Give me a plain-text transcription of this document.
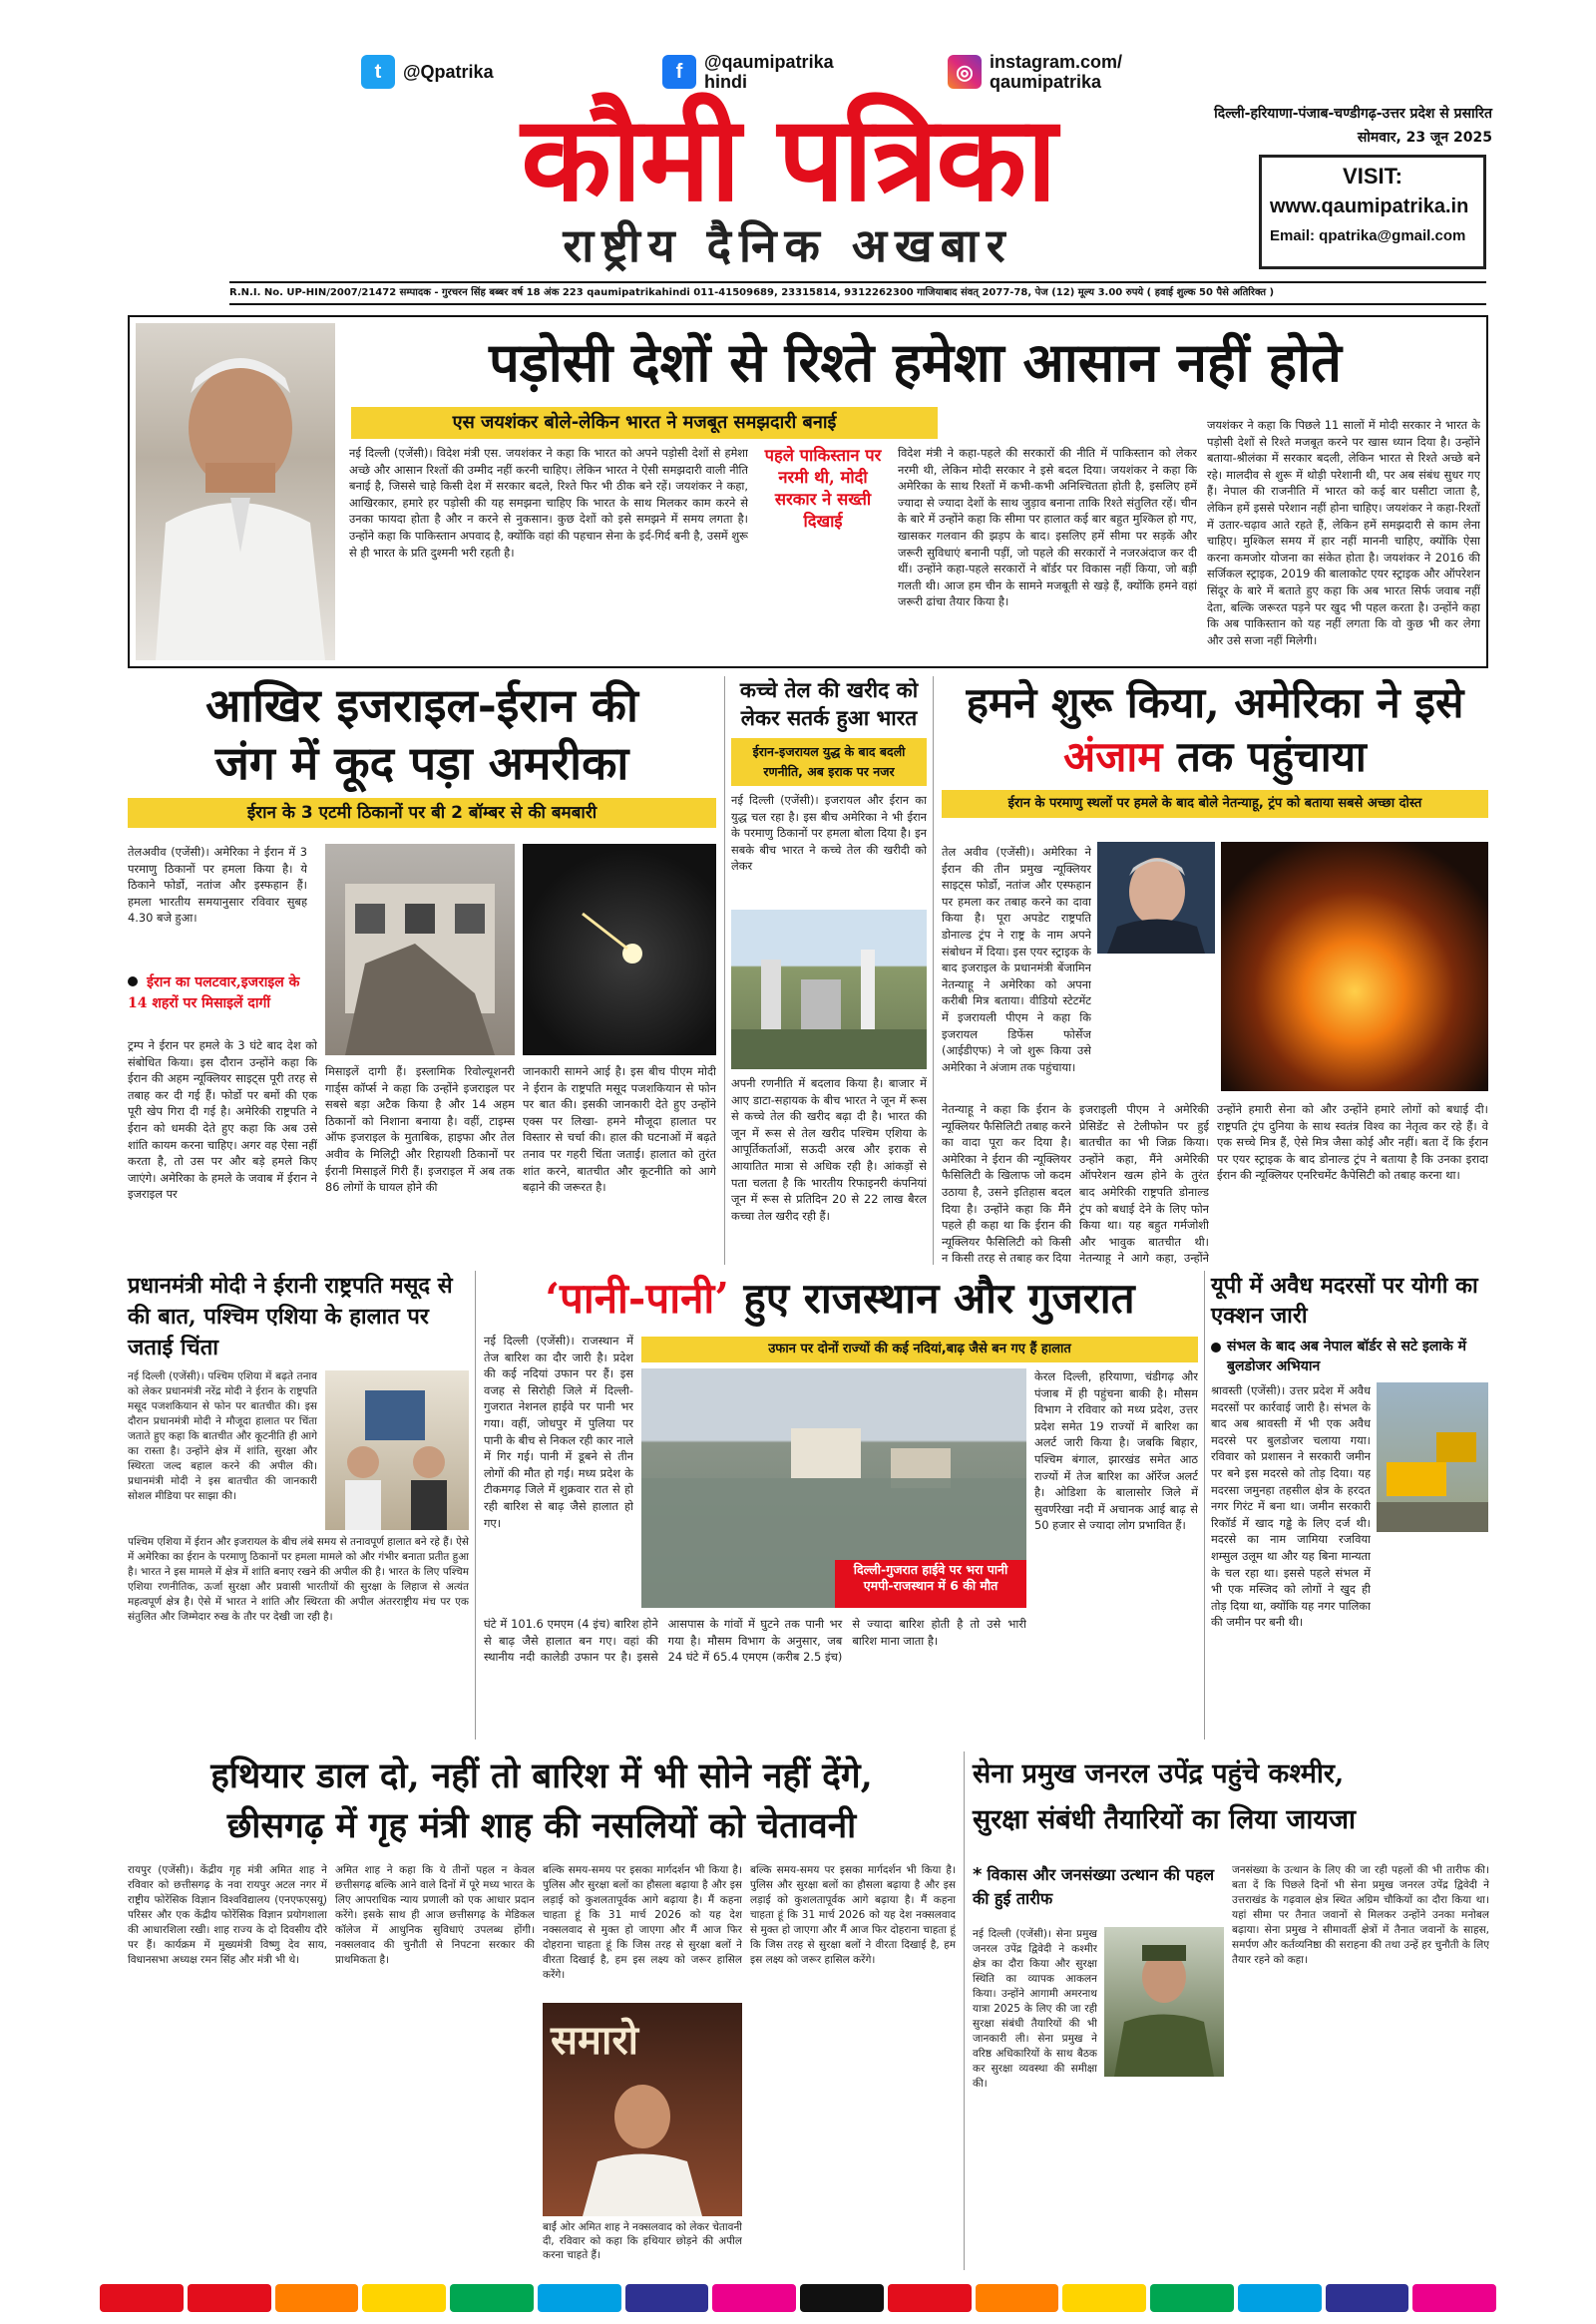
t	@Qpatrika	f	@qaumipatrika
hindi	◎ instagram.com/
qaumipatrika
कौमी पत्रिका
राष्ट्रीय दैनिक अखबार
दिल्ली-हरियाणा-पंजाब-चण्डीगढ़-उत्तर प्रदेश से प्रसारित
सोमवार, 23 जून 2025
VISIT:
www.qaumipatrika.in
Email: qpatrika@gmail.com
R.N.I. No. UP-HIN/2007/21472 सम्पादक - गुरचरन सिंह बब्बर वर्ष 18 अंक 223 qaumipatrikahindi 011-41509689, 23315814, 9312262300 गाजियाबाद संवत् 2077-78, पेज (12) मूल्य 3.00 रुपये ( हवाई शुल्क 50 पैसे अतिरिक्त )
पड़ोसी देशों से रिश्ते हमेशा आसान नहीं होते
एस जयशंकर बोले-लेकिन भारत ने मजबूत समझदारी बनाई
नई दिल्ली (एजेंसी)। विदेश मंत्री एस. जयशंकर ने कहा कि भारत को अपने पड़ोसी देशों से हमेशा अच्छे और आसान रिश्तों की उम्मीद नहीं करनी चाहिए। लेकिन भारत ने ऐसी समझदारी वाली नीति बनाई है, जिससे चाहे किसी देश में सरकार बदले, रिश्ते फिर भी ठीक बने रहें। जयशंकर ने कहा, आखिरकार, हमारे हर पड़ोसी की यह समझना चाहिए कि भारत के साथ मिलकर काम करने से उनका फायदा होता है और न करने से नुकसान। कुछ देशों को इसे समझने में समय लगता है। उन्होंने कहा कि पाकिस्तान अपवाद है, क्योंकि वहां की पहचान सेना के इर्द-गिर्द बनी है, उसमें शुरू से ही भारत के प्रति दुश्मनी भरी रहती है।
पहले पाकिस्तान पर नरमी थी, मोदी सरकार ने सख्ती दिखाई
विदेश मंत्री ने कहा-पहले की सरकारों की नीति में पाकिस्तान को लेकर नरमी थी, लेकिन मोदी सरकार ने इसे बदल दिया। जयशंकर ने कहा कि अमेरिका के साथ रिश्तों में कभी-कभी अनिश्चितता होती है, इसलिए हमें ज्यादा से ज्यादा देशों के साथ जुड़ाव बनाना ताकि रिश्ते संतुलित रहें। चीन के बारे में उन्होंने कहा कि सीमा पर हालात कई बार बहुत मुश्किल हो गए, खासकर गलवान की झड़प के बाद। इसलिए हमें सीमा पर सड़कें और जरूरी सुविधाएं बनानी पड़ीं, जो पहले की सरकारों ने नजरअंदाज कर दी थीं। उन्होंने कहा-पहले सरकारों ने बॉर्डर पर विकास नहीं किया, जो बड़ी गलती थी। आज हम चीन के सामने मजबूती से खड़े हैं, क्योंकि हमने वहां जरूरी ढांचा तैयार किया है।
जयशंकर ने कहा कि पिछले 11 सालों में मोदी सरकार ने भारत के पड़ोसी देशों से रिश्ते मजबूत करने पर खास ध्यान दिया है। उन्होंने बताया-श्रीलंका में सरकार बदली, लेकिन भारत से रिश्ते अच्छे बने रहे। मालदीव से शुरू में थोड़ी परेशानी थी, पर अब संबंध सुधर गए हैं। नेपाल की राजनीति में भारत को कई बार घसीटा जाता है, लेकिन हमें इससे परेशान नहीं होना चाहिए। जयशंकर ने कहा-रिश्तों में उतार-चढ़ाव आते रहते हैं, लेकिन हमें समझदारी से काम लेना चाहिए। मुश्किल समय में हार नहीं माननी चाहिए, क्योंकि ऐसा करना कमजोर योजना का संकेत होता है। जयशंकर ने 2016 की सर्जिकल स्ट्राइक, 2019 की बालाकोट एयर स्ट्राइक और ऑपरेशन सिंदूर के बारे में बताते हुए कहा कि अब भारत सिर्फ जवाब नहीं देता, बल्कि जरूरत पड़ने पर खुद भी पहल करता है। उन्होंने कहा कि अब पाकिस्तान को यह नहीं लगता कि वो कुछ भी कर लेगा और उसे सजा नहीं मिलेगी।
आखिर इजराइल-ईरान की
जंग में कूद पड़ा अमरीका
ईरान के 3 एटमी ठिकानों पर बी 2 बॉम्बर से की बमबारी
तेलअवीव (एजेंसी)। अमेरिका ने ईरान में 3 परमाणु ठिकानों पर हमला किया है। ये ठिकाने फोर्डो, नतांज और इस्फहान हैं। हमला भारतीय समयानुसार रविवार सुबह 4.30 बजे हुआ।
ईरान का पलटवार,इजराइल के 14 शहरों पर मिसाइलें दागीं
ट्रम्प ने ईरान पर हमले के 3 घंटे बाद देश को संबोधित किया। इस दौरान उन्होंने कहा कि ईरान की अहम न्यूक्लियर साइट्स पूरी तरह से तबाह कर दी गई हैं। फोर्डो पर बमों की एक पूरी खेप गिरा दी गई है। अमेरिकी राष्ट्रपति ने ईरान को धमकी देते हुए कहा कि अब उसे शांति कायम करना चाहिए। अगर वह ऐसा नहीं करता है, तो उस पर और बड़े हमले किए जाएंगे। अमेरिका के हमले के जवाब में ईरान ने इजराइल पर
मिसाइलें दागी हैं। इस्लामिक रिवोल्यूशनरी गार्ड्स कॉर्प्स ने कहा कि उन्होंने इजराइल पर सबसे बड़ा अटैक किया है और 14 अहम ठिकानों को निशाना बनाया है। वहीं, टाइम्स ऑफ इजराइल के मुताबिक, हाइफा और तेल अवीव के मिलिट्री और रिहायशी ठिकानों पर ईरानी मिसाइलें गिरी हैं। इजराइल में अब तक 86 लोगों के घायल होने की
जानकारी सामने आई है। इस बीच पीएम मोदी ने ईरान के राष्ट्रपति मसूद पजशकियान से फोन पर बात की। इसकी जानकारी देते हुए उन्होंने एक्स पर लिखा- हमने मौजूदा हालात पर विस्तार से चर्चा की। हाल की घटनाओं में बढ़ते तनाव पर गहरी चिंता जताई। हालात को तुरंत शांत करने, बातचीत और कूटनीति को आगे बढ़ाने की जरूरत है।
कच्चे तेल की खरीद को लेकर सतर्क हुआ भारत
ईरान-इजरायल युद्ध के बाद बदली रणनीति, अब इराक पर नजर
नई दिल्ली (एजेंसी)। इजरायल और ईरान का युद्ध चल रहा है। इस बीच अमेरिका ने भी ईरान के परमाणु ठिकानों पर हमला बोला दिया है। इन सबके बीच भारत ने कच्चे तेल की खरीदी को लेकर
अपनी रणनीति में बदलाव किया है। बाजार में आए डाटा-सहायक के बीच भारत ने जून में रूस से कच्चे तेल की खरीद बढ़ा दी है। भारत की जून में रूस से तेल खरीद पश्चिम एशिया के आपूर्तिकर्ताओं, सऊदी अरब और इराक से आयातित मात्रा से अधिक रही है। आंकड़ों से पता चलता है कि भारतीय रिफाइनरी कंपनियां जून में रूस से प्रतिदिन 20 से 22 लाख बैरल कच्चा तेल खरीद रही हैं।
हमने शुरू किया, अमेरिका ने इसे अंजाम तक पहुंचाया
ईरान के परमाणु स्थलों पर हमले के बाद बोले नेतन्याहू, ट्रंप को बताया सबसे अच्छा दोस्त
तेल अवीव (एजेंसी)। अमेरिका ने ईरान की तीन प्रमुख न्यूक्लियर साइट्स फोर्डो, नतांज और एस्फहान पर हमला कर तबाह करने का दावा किया है। पूरा अपडेट राष्ट्रपति डोनाल्ड ट्रंप ने राष्ट्र के नाम अपने संबोधन में दिया। इस एयर स्ट्राइक के बाद इजराइल के प्रधानमंत्री बेंजामिन नेतन्याहू ने अमेरिका को अपना करीबी मित्र बताया। वीडियो स्टेटमेंट में इजरायली पीएम ने कहा कि इजरायल डिफेंस फोर्सेज (आईडीएफ) ने जो शुरू किया उसे अमेरिका ने अंजाम तक पहुंचाया।
नेतन्याहू ने कहा कि ईरान के न्यूक्लियर फैसिलिटी तबाह करने का वादा पूरा कर दिया है। अमेरिका ने ईरान की न्यूक्लियर फैसिलिटी के खिलाफ जो कदम उठाया है, उसने इतिहास बदल दिया है। उन्होंने कहा कि मैंने पहले ही कहा था कि ईरान की न्यूक्लियर फैसिलिटी को किसी न किसी तरह से तबाह कर दिया
इजराइली पीएम ने अमेरिकी प्रेसिडेंट से टेलीफोन पर हुई बातचीत का भी जिक्र किया। उन्होंने कहा, मैंने अमेरिकी ऑपरेशन खत्म होने के तुरंत बाद अमेरिकी राष्ट्रपति डोनाल्ड ट्रंप को बधाई देने के लिए फोन किया था। यह बहुत गर्मजोशी और भावुक बातचीत थी। नेतन्याहू ने आगे कहा, उन्होंने
उन्होंने हमारी सेना को और उन्होंने हमारे लोगों को बधाई दी। राष्ट्रपति ट्रंप दुनिया के साथ स्वतंत्र विश्व का नेतृत्व कर रहे हैं। वे एक सच्चे मित्र हैं, ऐसे मित्र जैसा कोई और नहीं। बता दें कि ईरान पर एयर स्ट्राइक के बाद डोनाल्ड ट्रंप ने बताया है कि उनका इरादा ईरान की न्यूक्लियर एनरिचमेंट कैपेसिटी को तबाह करना था।
प्रधानमंत्री मोदी ने ईरानी राष्ट्रपति मसूद से की बात, पश्चिम एशिया के हालात पर जताई चिंता
नई दिल्ली (एजेंसी)। पश्चिम एशिया में बढ़ते तनाव को लेकर प्रधानमंत्री नरेंद्र मोदी ने ईरान के राष्ट्रपति मसूद पजशकियान से फोन पर बातचीत की। इस दौरान प्रधानमंत्री मोदी ने मौजूदा हालात पर चिंता जताते हुए कहा कि बातचीत और कूटनीति ही आगे का रास्ता है। उन्होंने क्षेत्र में शांति, सुरक्षा और स्थिरता जल्द बहाल करने की अपील की। प्रधानमंत्री मोदी ने इस बातचीत की जानकारी सोशल मीडिया पर साझा की।
पश्चिम एशिया में ईरान और इजरायल के बीच लंबे समय से तनावपूर्ण हालात बने रहे हैं। ऐसे में अमेरिका का ईरान के परमाणु ठिकानों पर हमला मामले को और गंभीर बनाता प्रतीत हुआ है। भारत ने इस मामले में क्षेत्र में शांति बनाए रखने की अपील की है। भारत के लिए पश्चिम एशिया रणनीतिक, ऊर्जा सुरक्षा और प्रवासी भारतीयों की सुरक्षा के लिहाज से अत्यंत महत्वपूर्ण क्षेत्र है। ऐसे में भारत ने शांति और स्थिरता की अपील अंतरराष्ट्रीय मंच पर एक संतुलित और जिम्मेदार रुख के तौर पर देखी जा रही है।
‘पानी-पानी’ हुए राजस्थान और गुजरात
नई दिल्ली (एजेंसी)। राजस्थान में तेज बारिश का दौर जारी है। प्रदेश की कई नदियां उफान पर हैं। इस वजह से सिरोही जिले में दिल्ली-गुजरात नेशनल हाईवे पर पानी भर गया। वहीं, जोधपुर में पुलिया पर पानी के बीच से निकल रही कार नाले में गिर गई। पानी में डूबने से तीन लोगों की मौत हो गई। मध्य प्रदेश के टीकमगढ़ जिले में शुक्रवार रात से हो रही बारिश से बाढ़ जैसे हालात हो गए।
उफान पर दोनों राज्यों की कई नदियां,बाढ़ जैसे बन गए हैं हालात
दिल्ली-गुजरात हाईवे पर भरा पानी एमपी-राजस्थान में 6 की मौत
केरल दिल्ली, हरियाणा, चंडीगढ़ और पंजाब में ही पहुंचना बाकी है। मौसम विभाग ने रविवार को मध्य प्रदेश, उत्तर प्रदेश समेत 19 राज्यों में बारिश का अलर्ट जारी किया है। जबकि बिहार, पश्चिम बंगाल, झारखंड समेत आठ राज्यों में तेज बारिश का ऑरेंज अलर्ट है। ओडिशा के बालासोर जिले में सुवर्णरेखा नदी में अचानक आई बाढ़ से 50 हजार से ज्यादा लोग प्रभावित हैं।
घंटे में 101.6 एमएम (4 इंच) बारिश होने से बाढ़ जैसे हालात बन गए। वहां की स्थानीय नदी कालेडी उफान पर है। इससे आसपास के गांवों में घुटने तक पानी भर गया है। मौसम विभाग के अनुसार, जब 24 घंटे में 65.4 एमएम (करीब 2.5 इंच) से ज्यादा बारिश होती है तो उसे भारी बारिश माना जाता है।
यूपी में अवैध मदरसों पर योगी का एक्शन जारी
संभल के बाद अब नेपाल बॉर्डर से सटे इलाके में बुलडोजर अभियान
श्रावस्ती (एजेंसी)। उत्तर प्रदेश में अवैध मदरसों पर कार्रवाई जारी है। संभल के बाद अब श्रावस्ती में भी एक अवैध मदरसे पर बुलडोजर चलाया गया।रविवार को प्रशासन ने सरकारी जमीन पर बने इस मदरसे को तोड़ दिया। यह मदरसा जमुनहा तहसील क्षेत्र के हरदत नगर गिरंट में बना था। जमीन सरकारी रिकॉर्ड में खाद गड्ढे के लिए दर्ज थी। मदरसे का नाम जामिया रजविया शम्सुल उलूम था और यह बिना मान्यता के चल रहा था। इससे पहले संभल में भी एक मस्जिद को लोगों ने खुद ही तोड़ दिया था, क्योंकि यह नगर पालिका की जमीन पर बनी थी।
हथियार डाल दो, नहीं तो बारिश में भी सोने नहीं देंगे,
छीसगढ़ में गृह मंत्री शाह की नसलियों को चेतावनी
रायपुर (एजेंसी)। केंद्रीय गृह मंत्री अमित शाह ने रविवार को छत्तीसगढ़ के नवा रायपुर अटल नगर में राष्ट्रीय फोरेंसिक विज्ञान विश्वविद्यालय (एनएफएसयू) परिसर और एक केंद्रीय फोरेंसिक विज्ञान प्रयोगशाला की आधारशिला रखी। शाह राज्य के दो दिवसीय दौरे पर हैं। कार्यक्रम में मुख्यमंत्री विष्णु देव साय, विधानसभा अध्यक्ष रमन सिंह और मंत्री भी थे।
अमित शाह ने कहा कि ये तीनों पहल न केवल छत्तीसगढ़ बल्कि आने वाले दिनों में पूरे मध्य भारत के लिए आपराधिक न्याय प्रणाली को एक आधार प्रदान करेंगे। इसके साथ ही आज छत्तीसगढ़ के मेडिकल कॉलेज में आधुनिक सुविधाएं उपलब्ध होंगी। नक्सलवाद की चुनौती से निपटना सरकार की प्राथमिकता है।
बल्कि समय-समय पर इसका मार्गदर्शन भी किया है। पुलिस और सुरक्षा बलों का हौसला बढ़ाया है और इस लड़ाई को कुशलतापूर्वक आगे बढ़ाया है। मैं कहना चाहता हूं कि 31 मार्च 2026 को यह देश नक्सलवाद से मुक्त हो जाएगा और मैं आज फिर दोहराना चाहता हूं कि जिस तरह से सुरक्षा बलों ने वीरता दिखाई है, हम इस लक्ष्य को जरूर हासिल करेंगे।
समारो
बाईं ओर अमित शाह ने नक्सलवाद को लेकर चेतावनी दी, रविवार को कहा कि हथियार छोड़ने की अपील करना चाहते हैं।
बल्कि समय-समय पर इसका मार्गदर्शन भी किया है। पुलिस और सुरक्षा बलों का हौसला बढ़ाया है और इस लड़ाई को कुशलतापूर्वक आगे बढ़ाया है। मैं कहना चाहता हूं कि 31 मार्च 2026 को यह देश नक्सलवाद से मुक्त हो जाएगा और मैं आज फिर दोहराना चाहता हूं कि जिस तरह से सुरक्षा बलों ने वीरता दिखाई है, हम इस लक्ष्य को जरूर हासिल करेंगे।
सेना प्रमुख जनरल उपेंद्र पहुंचे कश्मीर,
सुरक्षा संबंधी तैयारियों का लिया जायजा
* विकास और जनसंख्या उत्थान की पहल की हुई तारीफ
नई दिल्ली (एजेंसी)। सेना प्रमुख जनरल उपेंद्र द्विवेदी ने कश्मीर क्षेत्र का दौरा किया और सुरक्षा स्थिति का व्यापक आकलन किया। उन्होंने आगामी अमरनाथ यात्रा 2025 के लिए की जा रही सुरक्षा संबंधी तैयारियों की भी जानकारी ली। सेना प्रमुख ने वरिष्ठ अधिकारियों के साथ बैठक कर सुरक्षा व्यवस्था की समीक्षा की।
जनसंख्या के उत्थान के लिए की जा रही पहलों की भी तारीफ की। बता दें कि पिछले दिनों भी सेना प्रमुख जनरल उपेंद्र द्विवेदी ने उत्तराखंड के गढ़वाल क्षेत्र स्थित अग्रिम चौकियों का दौरा किया था। यहां सीमा पर तैनात जवानों से मिलकर उन्होंने उनका मनोबल बढ़ाया। सेना प्रमुख ने सीमावर्ती क्षेत्रों में तैनात जवानों के साहस, समर्पण और कर्तव्यनिष्ठा की सराहना की तथा उन्हें हर चुनौती के लिए तैयार रहने को कहा।
